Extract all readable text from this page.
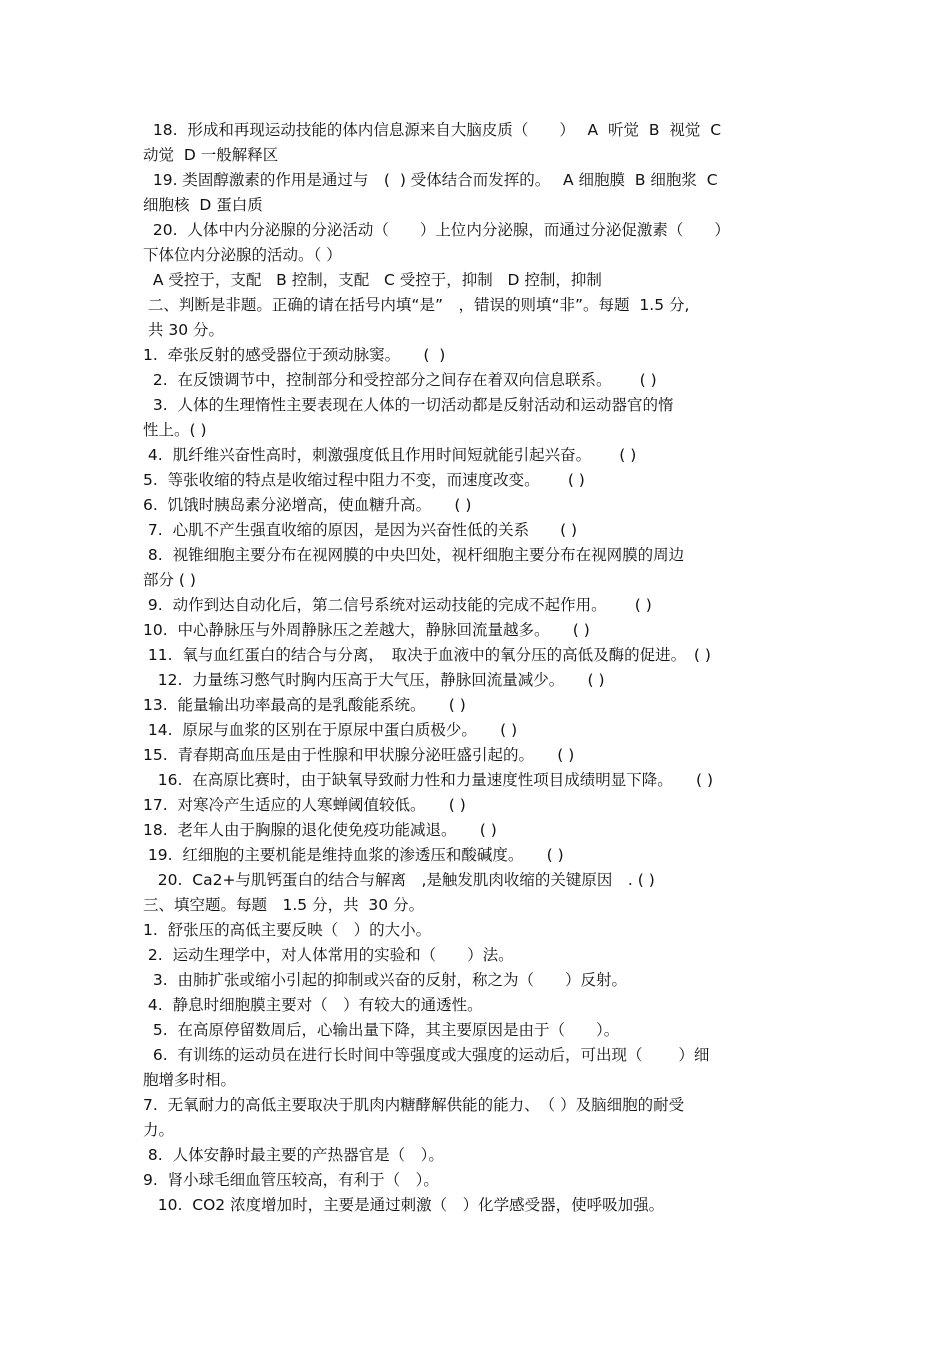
18.  形成和再现运动技能的体内信息源来自大脑皮质（　　）　 A  听觉  B  视觉  C
动觉  D 一般解释区
19. 类固醇激素的作用是通过与　(  ) 受体结合而发挥的。　 A 细胞膜  B 细胞浆  C
细胞核  D 蛋白质
20.  人体中内分泌腺的分泌活动（　　）上位内分泌腺，而通过分泌促激素（　　）
下体位内分泌腺的活动。（ ）
A 受控于，支配   B 控制，支配   C 受控于，抑制   D 控制，抑制
二、判断是非题。正确的请在括号内填“是”　，错误的则填“非”。每题  1.5 分,
共 30 分。
1.  牵张反射的感受器位于颈动脉窦。　　(  )
2.  在反馈调节中，控制部分和受控部分之间存在着双向信息联系。　　 ( )
3.  人体的生理惰性主要表现在人体的一切活动都是反射活动和运动器官的惰
性上。( )
4.  肌纤维兴奋性高时，刺激强度低且作用时间短就能引起兴奋。　　 ( )
5.  等张收缩的特点是收缩过程中阻力不变，而速度改变。　　 ( )
6.  饥饿时胰岛素分泌增高，使血糖升高。　　( )
7.  心肌不产生强直收缩的原因，是因为兴奋性低的关系　　( )
8.  视锥细胞主要分布在视网膜的中央凹处，视杆细胞主要分布在视网膜的周边
部分 ( )
9.  动作到达自动化后，第二信号系统对运动技能的完成不起作用。　　 ( )
10.  中心静脉压与外周静脉压之差越大，静脉回流量越多。　　( )
11.  氧与血红蛋白的结合与分离，　取决于血液中的氧分压的高低及酶的促进。　( )
12.  力量练习憋气时胸内压高于大气压，静脉回流量减少。　　( )
13.  能量输出功率最高的是乳酸能系统。　　( )
14.  原尿与血浆的区别在于原尿中蛋白质极少。　　( )
15.  青春期高血压是由于性腺和甲状腺分泌旺盛引起的。　　( )
16.  在高原比赛时，由于缺氧导致耐力性和力量速度性项目成绩明显下降。　　( )
17.  对寒冷产生适应的人寒蝉阈值较低。　　( )
18.  老年人由于胸腺的退化使免疫功能减退。　　( )
19.  红细胞的主要机能是维持血浆的渗透压和酸碱度。　　( )
20.  Ca2+与肌钙蛋白的结合与解离　,是触发肌肉收缩的关键原因　. ( )
三、填空题。每题　1.5 分，共  30 分。
1.  舒张压的高低主要反映（　）的大小。
2.  运动生理学中，对人体常用的实验和（　　）法。
3.  由肺扩张或缩小引起的抑制或兴奋的反射，称之为（　　）反射。
4.  静息时细胞膜主要对（　）有较大的通透性。
5.  在高原停留数周后，心输出量下降，其主要原因是由于（　　）。
6.  有训练的运动员在进行长时间中等强度或大强度的运动后，可出现（　　 ）细
胞增多时相。
7.  无氧耐力的高低主要取决于肌肉内糖酵解供能的能力、　（ ）及脑细胞的耐受
力。
8.  人体安静时最主要的产热器官是（　）。
9.  肾小球毛细血管压较高，有利于（　）。
10.  CO2 浓度增加时，主要是通过刺激（　）化学感受器，使呼吸加强。
